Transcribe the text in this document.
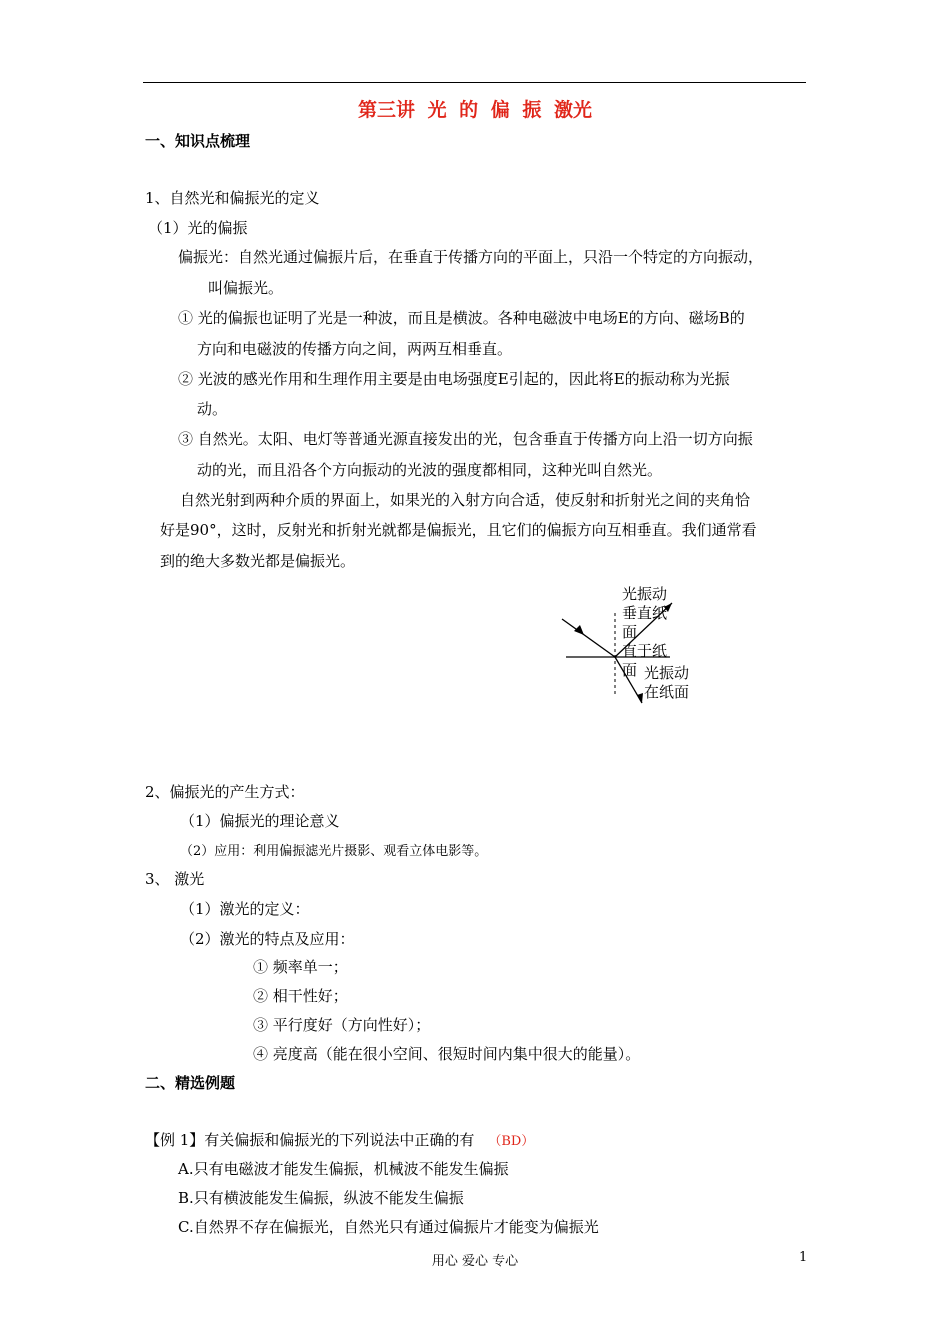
第三讲 光 的 偏 振 激光
一、知识点梳理
1、自然光和偏振光的定义
（1）光的偏振
偏振光：自然光通过偏振片后，在垂直于传播方向的平面上，只沿一个特定的方向振动，
叫偏振光。
① 光的偏振也证明了光是一种波，而且是横波。各种电磁波中电场E的方向、磁场B的
方向和电磁波的传播方向之间，两两互相垂直。
② 光波的感光作用和生理作用主要是由电场强度E引起的，因此将E的振动称为光振
动。
③ 自然光。太阳、电灯等普通光源直接发出的光，包含垂直于传播方向上沿一切方向振
动的光，而且沿各个方向振动的光波的强度都相同，这种光叫自然光。
自然光射到两种介质的界面上，如果光的入射方向合适，使反射和折射光之间的夹角恰
好是90°，这时，反射光和折射光就都是偏振光，且它们的偏振方向互相垂直。我们通常看
到的绝大多数光都是偏振光。
光振动
垂直纸
面
直于纸
面 光振动
在纸面
2、偏振光的产生方式：
（1）偏振光的理论意义
（2）应用：利用偏振滤光片摄影、观看立体电影等。
3、 激光
（1）激光的定义：
（2）激光的特点及应用：
① 频率单一；
② 相干性好；
③ 平行度好（方向性好）；
④ 亮度高（能在很小空间、很短时间内集中很大的能量）。
二、精选例题
【例 1】有关偏振和偏振光的下列说法中正确的有 （BD）
A.只有电磁波才能发生偏振，机械波不能发生偏振
B.只有横波能发生偏振，纵波不能发生偏振
C.自然界不存在偏振光，自然光只有通过偏振片才能变为偏振光
用心 爱心 专心	1
